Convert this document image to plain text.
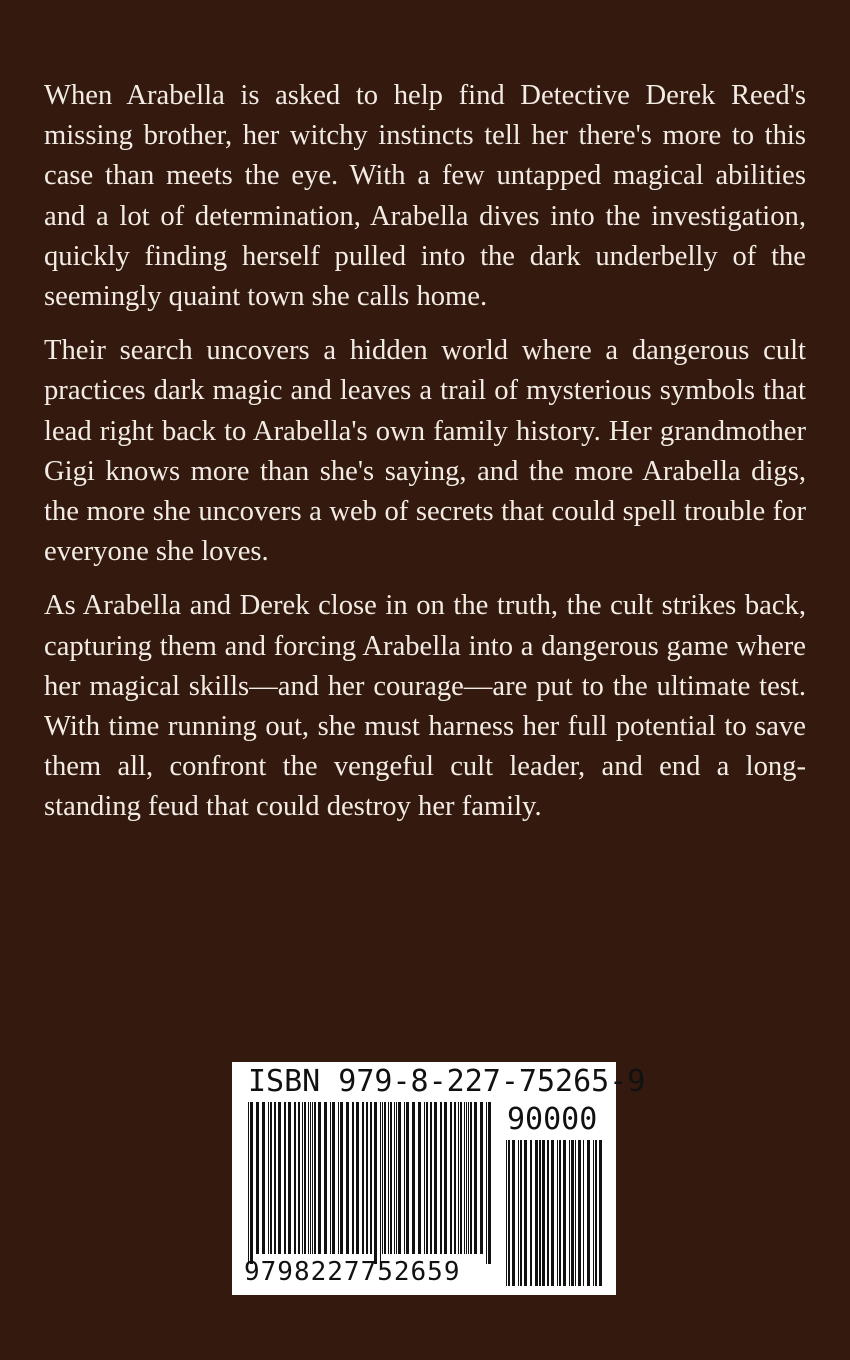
When Arabella is asked to help find Detective Derek Reed's missing brother, her witchy instincts tell her there's more to this case than meets the eye. With a few untapped magical abilities and a lot of determination, Arabella dives into the investigation, quickly finding herself pulled into the dark underbelly of the seemingly quaint town she calls home.

Their search uncovers a hidden world where a dangerous cult practices dark magic and leaves a trail of mysterious symbols that lead right back to Arabella's own family history. Her grandmother Gigi knows more than she's saying, and the more Arabella digs, the more she uncovers a web of secrets that could spell trouble for everyone she loves.

As Arabella and Derek close in on the truth, the cult strikes back, capturing them and forcing Arabella into a dangerous game where her magical skills—and her courage—are put to the ultimate test. With time running out, she must harness her full potential to save them all, confront the vengeful cult leader, and end a long-standing feud that could destroy her family.

ISBN 979-8-227-75265-9
90000
9798227752659
